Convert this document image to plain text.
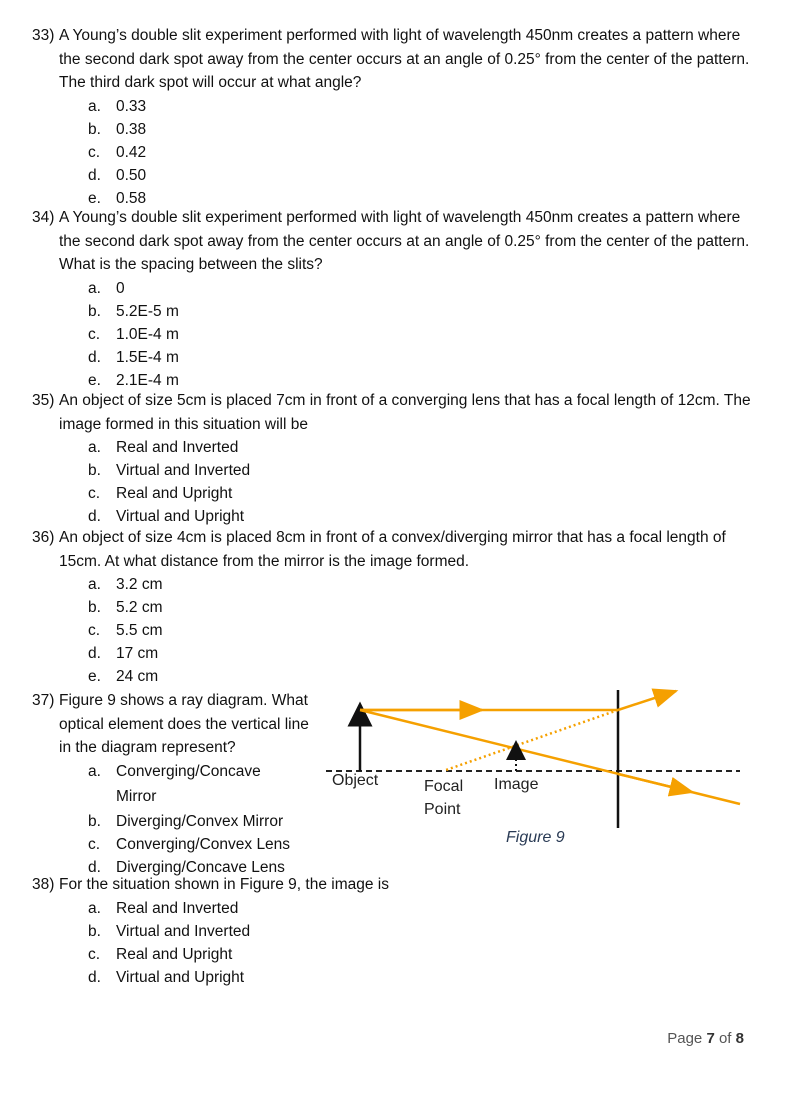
33) A Young’s double slit experiment performed with light of wavelength 450nm creates a pattern where the second dark spot away from the center occurs at an angle of 0.25° from the center of the pattern. The third dark spot will occur at what angle?
a. 0.33
b. 0.38
c. 0.42
d. 0.50
e. 0.58
34) A Young’s double slit experiment performed with light of wavelength 450nm creates a pattern where the second dark spot away from the center occurs at an angle of 0.25° from the center of the pattern. What is the spacing between the slits?
a. 0
b. 5.2E-5 m
c. 1.0E-4 m
d. 1.5E-4 m
e. 2.1E-4 m
35) An object of size 5cm is placed 7cm in front of a converging lens that has a focal length of 12cm. The image formed in this situation will be
a. Real and Inverted
b. Virtual and Inverted
c. Real and Upright
d. Virtual and Upright
36) An object of size 4cm is placed 8cm in front of a convex/diverging mirror that has a focal length of 15cm. At what distance from the mirror is the image formed.
a. 3.2 cm
b. 5.2 cm
c. 5.5 cm
d. 17 cm
e. 24 cm
37) Figure 9 shows a ray diagram. What optical element does the vertical line in the diagram represent?
a. Converging/Concave
Mirror
b. Diverging/Convex Mirror
c. Converging/Convex Lens
d. Diverging/Concave Lens
Object	Focal
Point
Image
Figure 9
38) For the situation shown in Figure 9, the image is
a. Real and Inverted
b. Virtual and Inverted
c. Real and Upright
d. Virtual and Upright
Page 7 of 8
